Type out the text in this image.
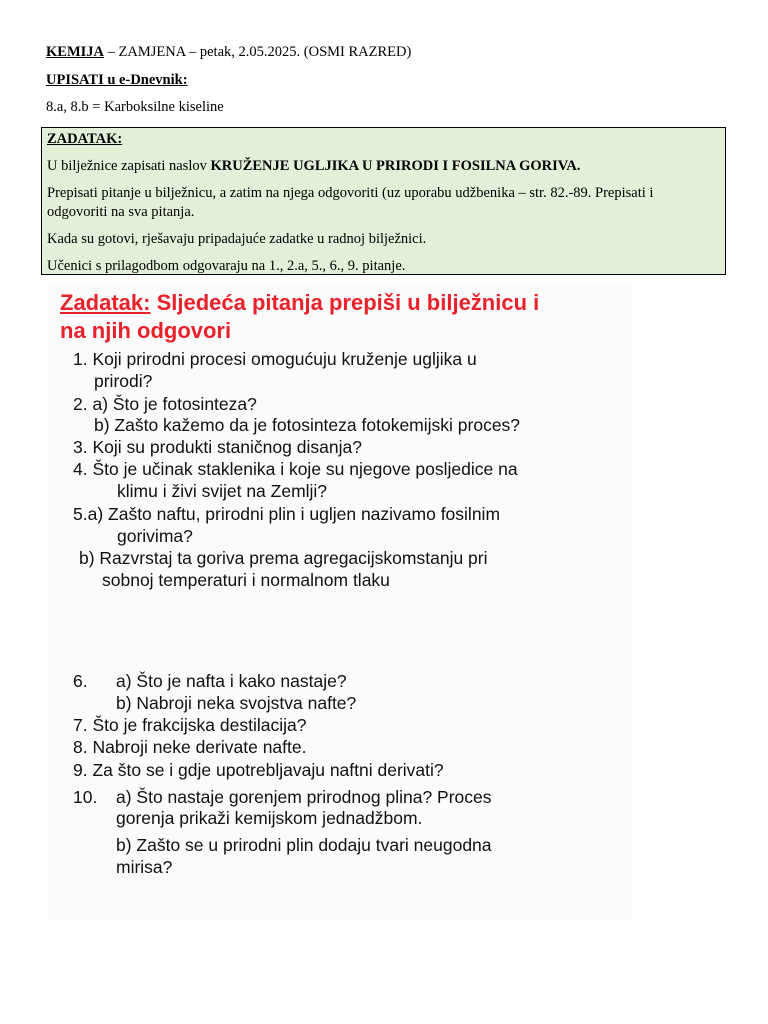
KEMIJA – ZAMJENA – petak, 2.05.2025. (OSMI RAZRED)
UPISATI u e-Dnevnik:
8.a, 8.b = Karboksilne kiseline

ZADATAK:

U bilježnice zapisati naslov KRUŽENJE UGLJIKA U PRIRODI I FOSILNA GORIVA.

Prepisati pitanje u bilježnicu, a zatim na njega odgovoriti (uz uporabu udžbenika – str. 82.-89. Prepisati i

odgovoriti na sva pitanja.

Kada su gotovi, rješavaju pripadajuće zadatke u radnoj bilježnici.

Učenici s prilagodbom odgovaraju na 1., 2.a, 5., 6., 9. pitanje.

Zadatak: Sljedeća pitanja prepiši u bilježnicu i
na njih odgovori
1. Koji prirodni procesi omogućuju kruženje ugljika u
prirodi?
2. a) Što je fotosinteza?
b) Zašto kažemo da je fotosinteza fotokemijski proces?
3. Koji su produkti staničnog disanja?
4. Što je učinak staklenika i koje su njegove posljedice na
klimu i živi svijet na Zemlji?
5.a) Zašto naftu, prirodni plin i ugljen nazivamo fosilnim
gorivima?
b) Razvrstaj ta goriva prema agregacijskomstanju pri
sobnoj temperaturi i normalnom tlaku
6. a) Što je nafta i kako nastaje?
b) Nabroji neka svojstva nafte?
7. Što je frakcijska destilacija?
8. Nabroji neke derivate nafte.
9. Za što se i gdje upotrebljavaju naftni derivati?
10. a) Što nastaje gorenjem prirodnog plina? Proces
gorenja prikaži kemijskom jednadžbom.
b) Zašto se u prirodni plin dodaju tvari neugodna
mirisa?
